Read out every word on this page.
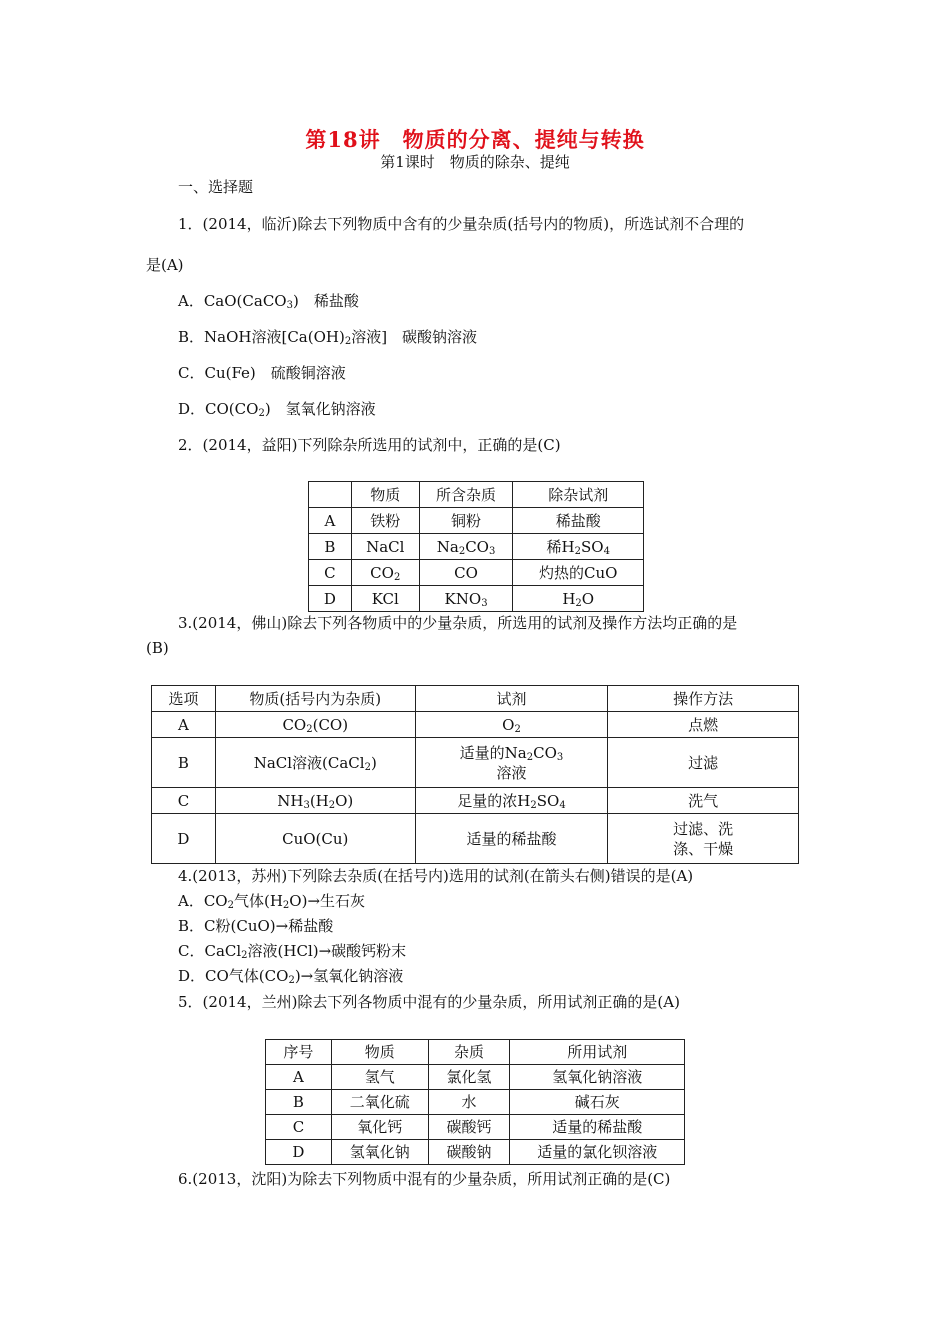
第18讲　物质的分离、提纯与转换
第1课时　物质的除杂、提纯
一、选择题
1．(2014，临沂)除去下列物质中含有的少量杂质(括号内的物质)，所选试剂不合理的
是(A)
A．CaO(CaCO$_3$)　稀盐酸
B．NaOH溶液[$Ca(OH)_2$溶液]　碳酸钠溶液
C．Cu(Fe)　硫酸铜溶液
D．$CO(CO_2)$　氢氧化钠溶液
2．(2014，益阳)下列除杂所选用的试剂中，正确的是(C)
	物质	所含杂质	除杂试剂
A	铁粉	铜粉	稀盐酸
B	NaCl	$Na_2CO_3$	稀$H_2SO_4$
C	$CO_2$	CO	灼热的CuO
D	KCl	$KNO_3$	$H_2O$
3.(2014，佛山)除去下列各物质中的少量杂质，所选用的试剂及操作方法均正确的是
(B)
选项	物质(括号内为杂质)	试剂	操作方法
A	$CO_2(CO)$	$O_2$	点燃
B	NaCl溶液(CaCl$_2$)	适量的$Na_2CO_3$
溶液	过滤
C	$NH_3(H_2O)$	足量的浓$H_2SO_4$	洗气
D	CuO(Cu)	适量的稀盐酸	过滤、洗
涤、干燥
4.(2013，苏州)下列除去杂质(在括号内)选用的试剂(在箭头右侧)错误的是(A)
A．$CO_2$气体$(H_2O)\to$生石灰
B．C粉(CuO)→稀盐酸
C．CaCl$_2$溶液(HCl)→碳酸钙粉末
D．CO气体$(CO_2)\to$氢氧化钠溶液
5．(2014，兰州)除去下列各物质中混有的少量杂质，所用试剂正确的是(A)
序号	物质	杂质	所用试剂
A	氢气	氯化氢	氢氧化钠溶液
B	二氧化硫	水	碱石灰
C	氧化钙	碳酸钙	适量的稀盐酸
D	氢氧化钠	碳酸钠	适量的氯化钡溶液
6.(2013，沈阳)为除去下列物质中混有的少量杂质，所用试剂正确的是(C)
